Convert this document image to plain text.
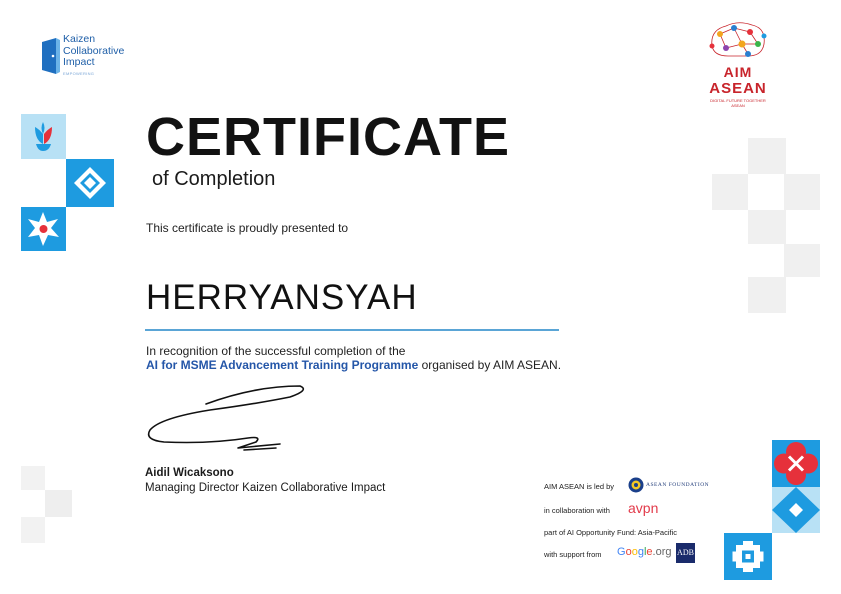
Kaizen
Collaborative
Impact
EMPOWERING	AIM
ASEAN
DIGITAL FUTURE TOGETHER ASEAN
CERTIFICATE
of Completion
This certificate is proudly presented to
HERRYANSYAH
In recognition of the successful completion of the
AI for MSME Advancement Training Programme organised by AIM ASEAN.
Aidil Wicaksono
Managing Director Kaizen Collaborative Impact	AIM ASEAN is led by	ASEAN FOUNDATION
in collaboration with avpn
part of AI Opportunity Fund: Asia-Pacific
with support from Google.org ADB
